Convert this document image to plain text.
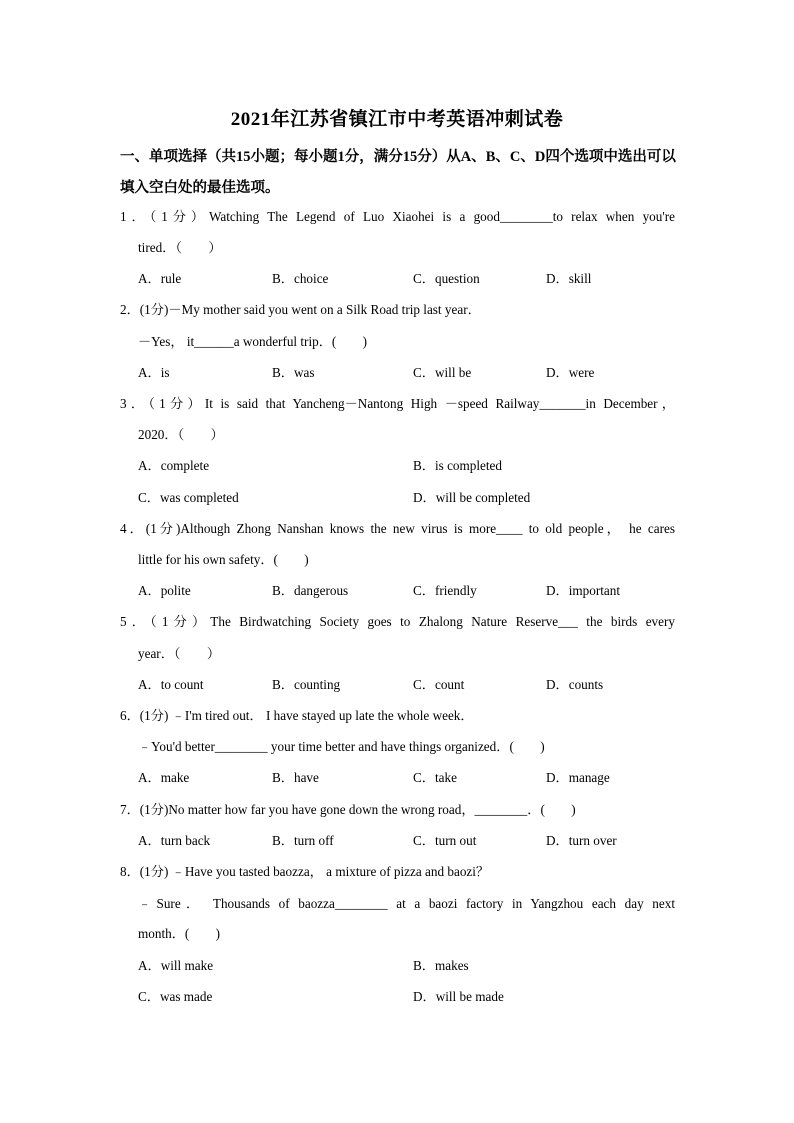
2021年江苏省镇江市中考英语冲刺试卷
一、单项选择（共15小题；每小题1分，满分15分）从A、B、C、D四个选项中选出可以填入空白处的最佳选项。
1．（1分）Watching The Legend of Luo Xiaohei is a good________to relax when you're
tired．（　　）
A．rule	B．choice	C．question	D．skill
2．(1分)－My mother said you went on a Silk Road trip last year．
－Yes， it______a wonderful trip．(　　)
A．is	B．was	C．will be	D．were
3．（1分）It is said that Yancheng－Nantong High －speed Railway_______in December，
2020．（　　）
A．complete	B．is completed
C．was completed	D．will be completed
4．(1分)Although Zhong Nanshan knows the new virus is more____ to old people， he cares
little for his own safety．(　　)
A．polite	B．dangerous	C．friendly	D．important
5．（1分）The Birdwatching Society goes to Zhalong Nature Reserve___ the birds every
year．（　　）
A．to count	B．counting	C．count	D．counts
6．(1分) ﹣I'm tired out． I have stayed up late the whole week．
﹣You'd better________ your time better and have things organized．(　　)
A．make	B．have	C．take	D．manage
7．(1分)No matter how far you have gone down the wrong road，________．(　　)
A．turn back	B．turn off	C．turn out	D．turn over
8．(1分) ﹣Have you tasted baozza， a mixture of pizza and baozi？
﹣Sure． Thousands of baozza________ at a baozi factory in Yangzhou each day next
month．(　　)
A．will make	B．makes
C．was made	D．will be made
